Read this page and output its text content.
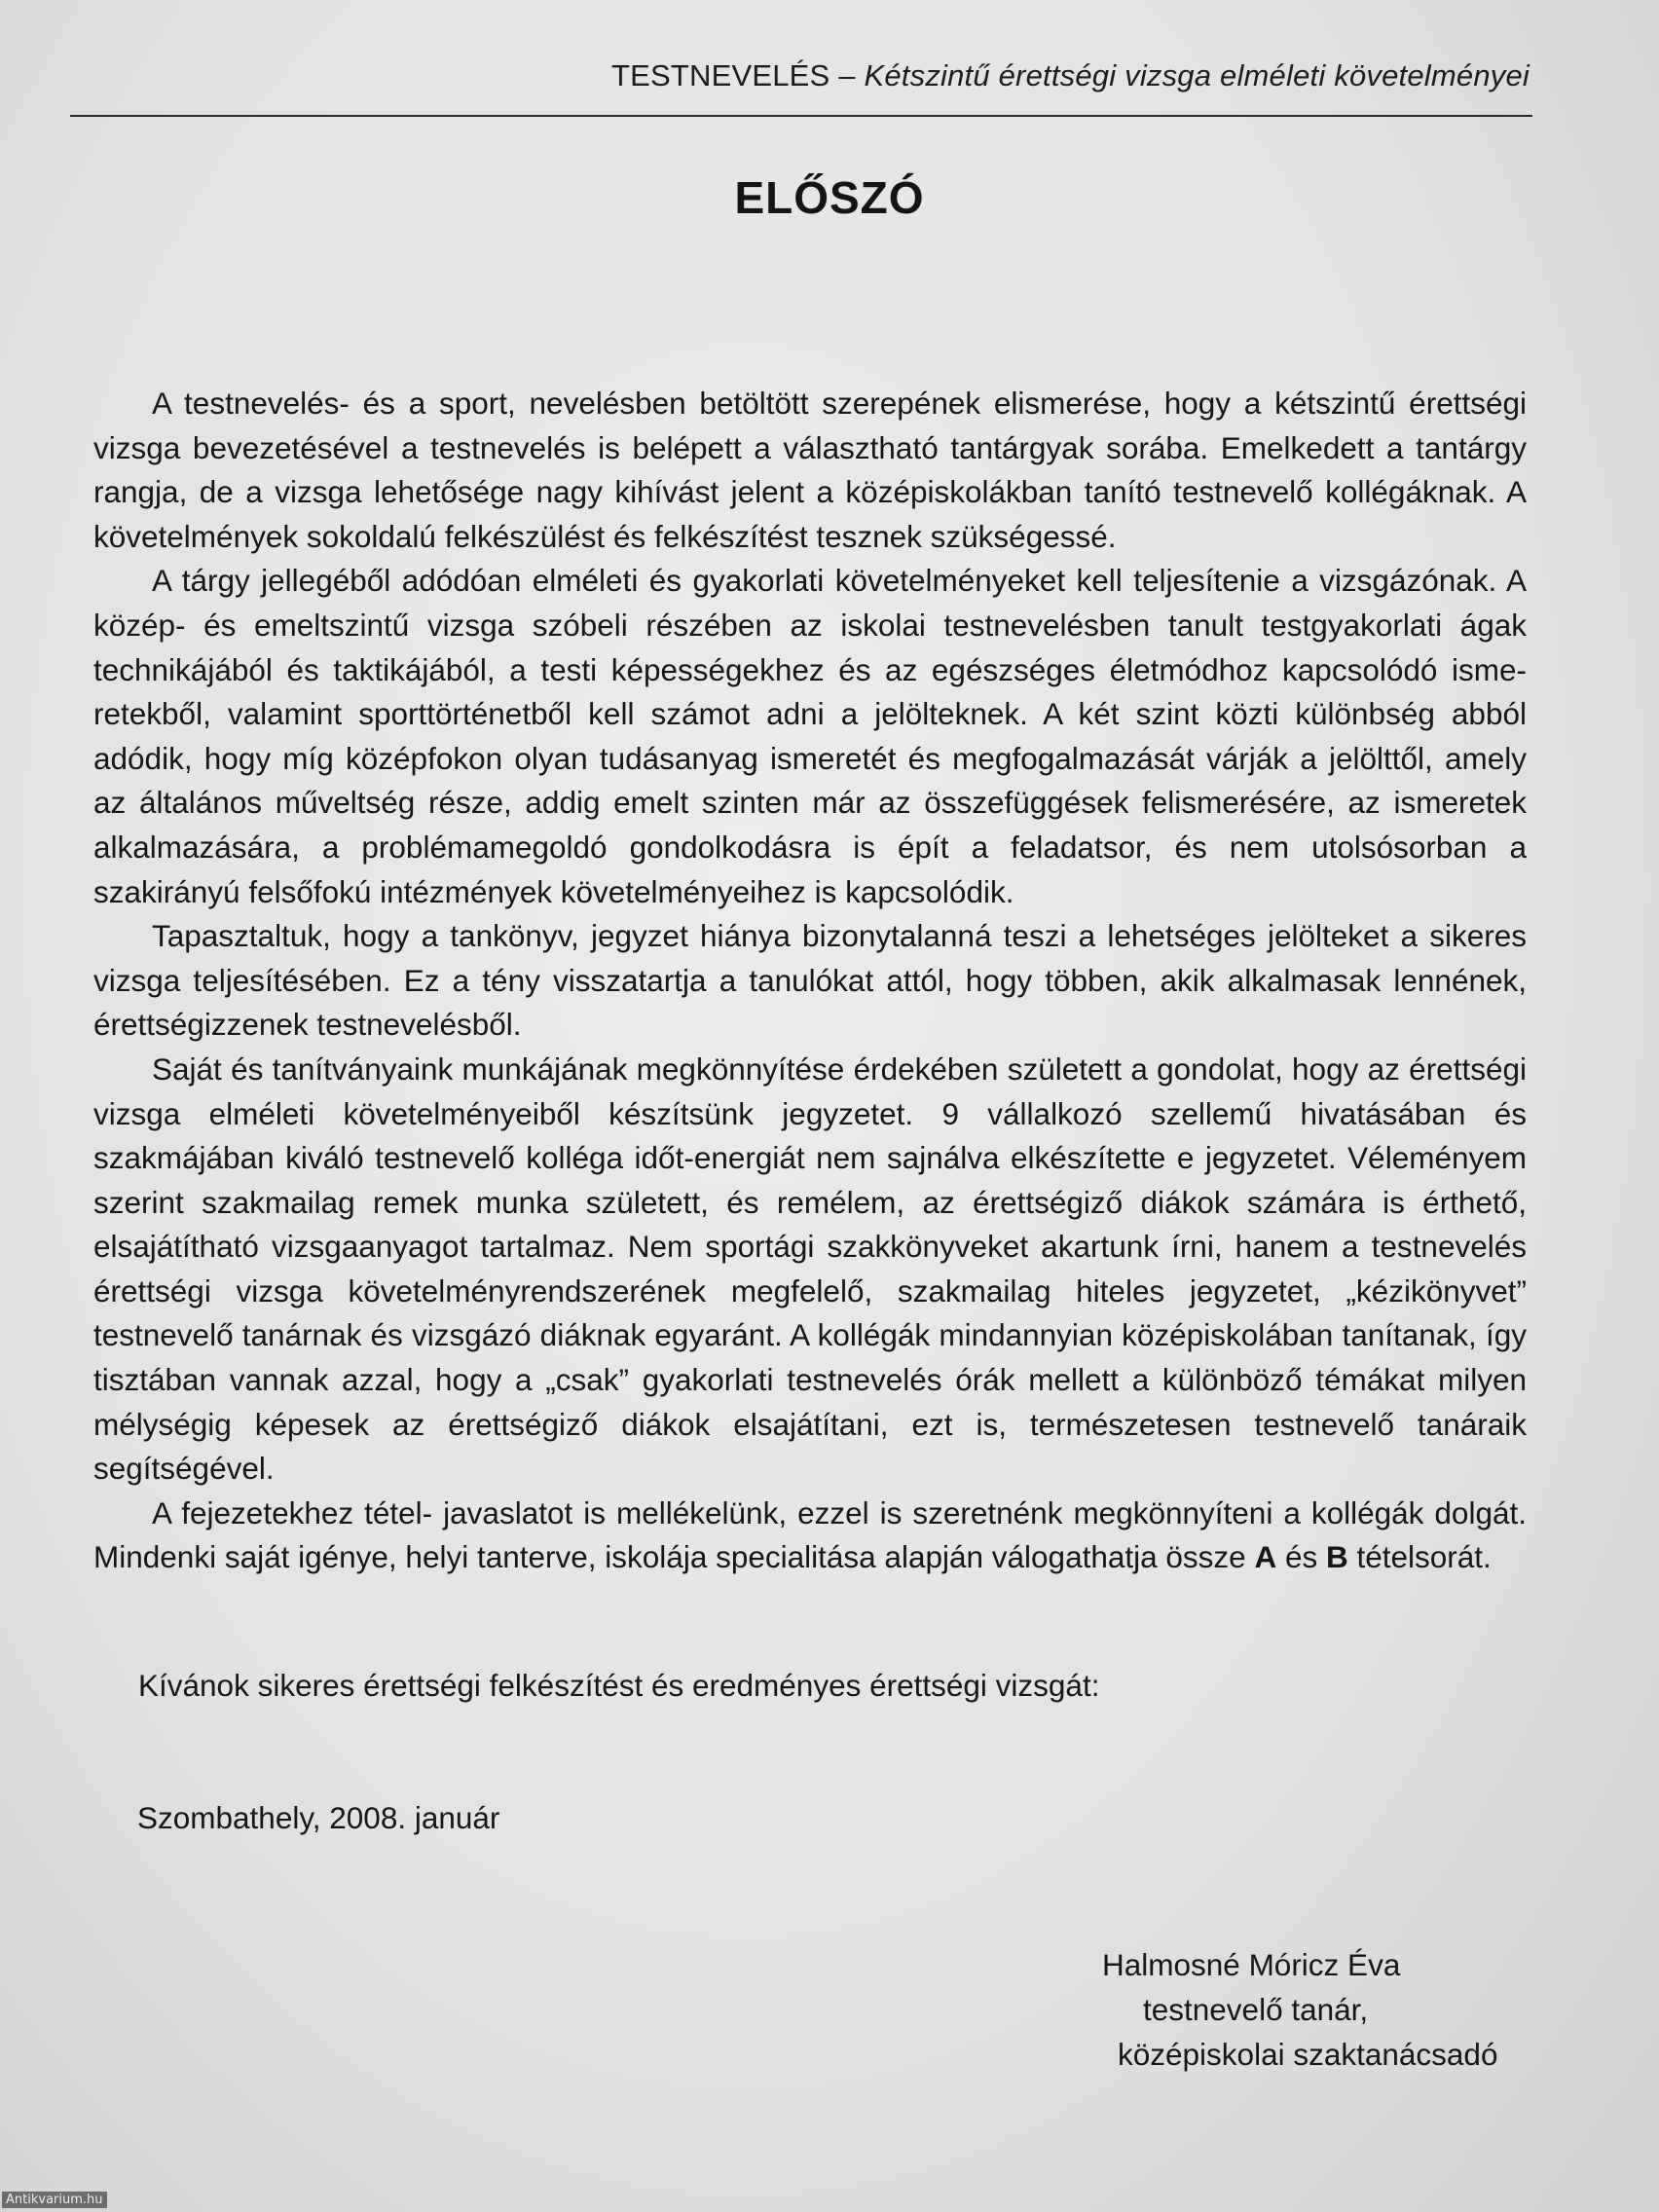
TESTNEVELÉS – Kétszintű érettségi vizsga elméleti követelményei
ELŐSZÓ

A testnevelés- és a sport, nevelésben betöltött szerepének elismerése, hogy a kétszintű érettségi vizsga bevezetésével a testnevelés is belépett a választható tantárgyak sorába. Emelkedett a tantárgy rangja, de a vizsga lehetősége nagy kihívást jelent a középiskolákban tanító testnevelő kollégáknak. A követelmények sokoldalú felkészülést és felkészítést tesznek szükségessé.

A tárgy jellegéből adódóan elméleti és gyakorlati követelményeket kell teljesítenie a vizsgázónak. A közép- és emeltszintű vizsga szóbeli részében az iskolai testnevelésben tanult testgyakorlati ágak technikájából és taktikájából, a testi képességekhez és az egészséges életmódhoz kapcsolódó ismeretekből, valamint sporttörténetből kell számot adni a jelölteknek. A két szint közti különbség abból adódik, hogy míg középfokon olyan tudásanyag ismeretét és megfogalmazását várják a jelölttől, amely az általános műveltség része, addig emelt szinten már az összefüggések felismerésére, az ismeretek alkalmazására, a problémamegoldó gondolkodásra is épít a feladatsor, és nem utolsósorban a szakirányú felsőfokú intézmények követelményeihez is kapcsolódik.

Tapasztaltuk, hogy a tankönyv, jegyzet hiánya bizonytalanná teszi a lehetséges jelölteket a sikeres vizsga teljesítésében. Ez a tény visszatartja a tanulókat attól, hogy többen, akik alkalmasak lennének, érettségizzenek testnevelésből.

Saját és tanítványaink munkájának megkönnyítése érdekében született a gondolat, hogy az érettségi vizsga elméleti követelményeiből készítsünk jegyzetet. 9 vállalkozó szellemű hivatásában és szakmájában kiváló testnevelő kolléga időt-energiát nem sajnálva elkészítette e jegyzetet. Véleményem szerint szakmailag remek munka született, és remélem, az érettségiző diákok számára is érthető, elsajátítható vizsgaanyagot tartalmaz. Nem sportági szakkönyveket akartunk írni, hanem a testnevelés érettségi vizsga követelményrendszerének megfelelő, szakmailag hiteles jegyzetet, „kézikönyvet” testnevelő tanárnak és vizsgázó diáknak egyaránt. A kollégák mindannyian középiskolában tanítanak, így tisztában vannak azzal, hogy a „csak” gyakorlati testnevelés órák mellett a különböző témákat milyen mélységig képesek az érettségiző diákok elsajátítani, ezt is, természetesen testnevelő tanáraik segítségével.

A fejezetekhez tétel- javaslatot is mellékelünk, ezzel is szeretnénk megkönnyíteni a kollégák dolgát. Mindenki saját igénye, helyi tanterve, iskolája specialitása alapján válogathatja össze A és B tételsorát.

Kívánok sikeres érettségi felkészítést és eredményes érettségi vizsgát:
Szombathely, 2008. január
Halmosné Móricz Éva
testnevelő tanár,
középiskolai szaktanácsadó
Antikvarium.hu
